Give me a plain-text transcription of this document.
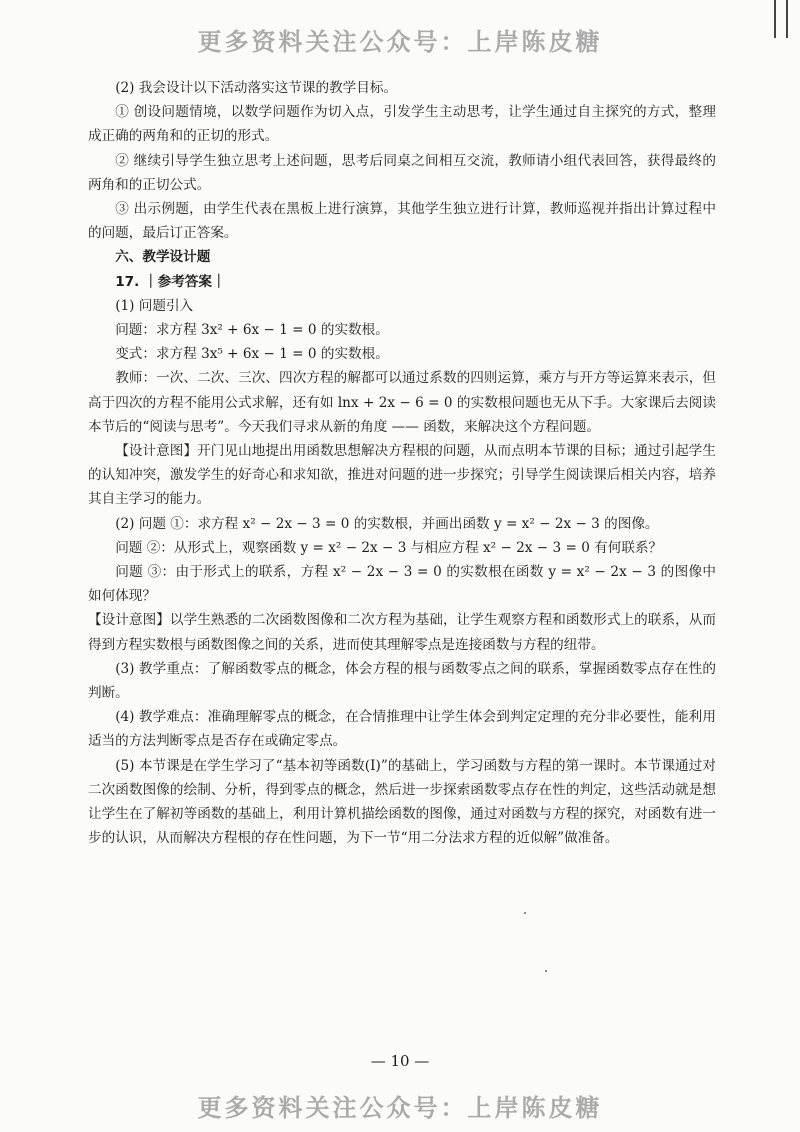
更多资料关注公众号：上岸陈皮糖

(2) 我会设计以下活动落实这节课的教学目标。

① 创设问题情境，以数学问题作为切入点，引发学生主动思考，让学生通过自主探究的方式，整理成正确的两角和的正切的形式。

② 继续引导学生独立思考上述问题，思考后同桌之间相互交流，教师请小组代表回答，获得最终的两角和的正切公式。

③ 出示例题，由学生代表在黑板上进行演算，其他学生独立进行计算，教师巡视并指出计算过程中的问题，最后订正答案。

六、教学设计题

17. ｜参考答案｜

(1) 问题引入

问题：求方程 3x² + 6x − 1 = 0 的实数根。

变式：求方程 3x⁵ + 6x − 1 = 0 的实数根。

教师：一次、二次、三次、四次方程的解都可以通过系数的四则运算，乘方与开方等运算来表示，但高于四次的方程不能用公式求解，还有如 lnx + 2x − 6 = 0 的实数根问题也无从下手。大家课后去阅读本节后的“阅读与思考”。今天我们寻求从新的角度 —— 函数，来解决这个方程问题。

【设计意图】开门见山地提出用函数思想解决方程根的问题，从而点明本节课的目标；通过引起学生的认知冲突，激发学生的好奇心和求知欲，推进对问题的进一步探究；引导学生阅读课后相关内容，培养其自主学习的能力。

(2) 问题 ①：求方程 x² − 2x − 3 = 0 的实数根，并画出函数 y = x² − 2x − 3 的图像。

问题 ②：从形式上，观察函数 y = x² − 2x − 3 与相应方程 x² − 2x − 3 = 0 有何联系？

问题 ③：由于形式上的联系，方程 x² − 2x − 3 = 0 的实数根在函数 y = x² − 2x − 3 的图像中如何体现？

【设计意图】以学生熟悉的二次函数图像和二次方程为基础，让学生观察方程和函数形式上的联系，从而得到方程实数根与函数图像之间的关系，进而使其理解零点是连接函数与方程的纽带。

(3) 教学重点：了解函数零点的概念，体会方程的根与函数零点之间的联系，掌握函数零点存在性的判断。

(4) 教学难点：准确理解零点的概念，在合情推理中让学生体会到判定定理的充分非必要性，能利用适当的方法判断零点是否存在或确定零点。

(5) 本节课是在学生学习了“基本初等函数(Ⅰ)”的基础上，学习函数与方程的第一课时。本节课通过对二次函数图像的绘制、分析，得到零点的概念，然后进一步探索函数零点存在性的判定，这些活动就是想让学生在了解初等函数的基础上，利用计算机描绘函数的图像，通过对函数与方程的探究，对函数有进一步的认识，从而解决方程根的存在性问题，为下一节“用二分法求方程的近似解”做准备。

— 10 —
更多资料关注公众号：上岸陈皮糖
